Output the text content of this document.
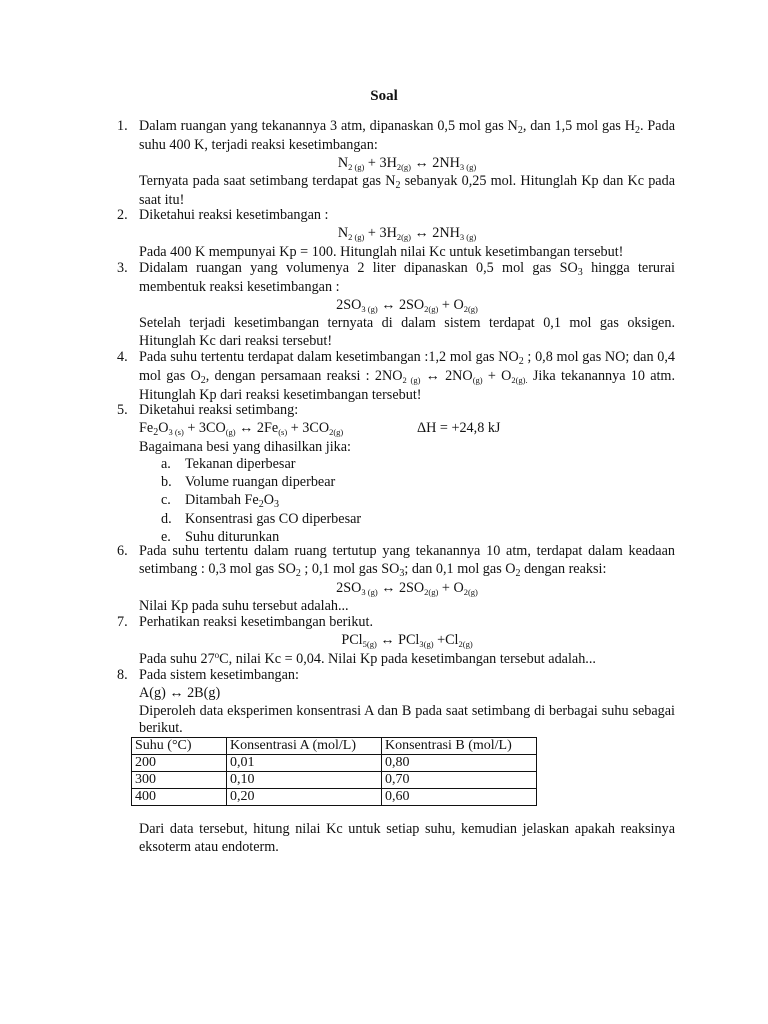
Soal
1. Dalam ruangan yang tekanannya 3 atm, dipanaskan 0,5 mol gas $N_2$, dan 1,5 mol gas $H_2$. Pada
suhu 400 K, terjadi reaksi kesetimbangan:
$N_{2 (g)} + 3H_{2(g)}$ ↔ $2NH_{3 (g)}$
Ternyata pada saat setimbang terdapat gas $N_2$ sebanyak 0,25 mol. Hitunglah Kp dan Kc pada
saat itu!
2. Diketahui reaksi kesetimbangan :
$N_{2 (g)} + 3H_{2(g)}$ ↔ $2NH_{3 (g)}$
Pada 400 K mempunyai Kp = 100. Hitunglah nilai Kc untuk kesetimbangan tersebut!
3. Didalam ruangan yang volumenya 2 liter dipanaskan 0,5 mol gas $SO_3$ hingga terurai
membentuk reaksi kesetimbangan :
$2SO_{3 (g)}$ ↔ $2SO_{2(g)} + O_{2(g)}$
Setelah terjadi kesetimbangan ternyata di dalam sistem terdapat 0,1 mol gas oksigen.
Hitunglah Kc dari reaksi tersebut!
4. Pada suhu tertentu terdapat dalam kesetimbangan :1,2 mol gas $NO_2$ ; 0,8 mol gas NO; dan 0,4
mol gas $O_2$, dengan persamaan reaksi : $2NO_{2 (g)}$ ↔ $2NO_{(g)} + O_{2(g).}$ Jika tekanannya 10 atm.
Hitunglah Kp dari reaksi kesetimbangan tersebut!
5. Diketahui reaksi setimbang:
$Fe_2O_{3 (s)} + 3CO_{(g)}$ ↔ $2Fe_{(s)} + 3CO_{2(g)}$	ΔH = +24,8 kJ
Bagaimana besi yang dihasilkan jika:
a. Tekanan diperbesar
b. Volume ruangan diperbear
c. Ditambah $Fe_2O_3$
d. Konsentrasi gas CO diperbesar
e. Suhu diturunkan
6. Pada suhu tertentu dalam ruang tertutup yang tekanannya 10 atm, terdapat dalam keadaan
setimbang : 0,3 mol gas $SO_2$ ; 0,1 mol gas $SO_3$; dan 0,1 mol gas $O_2$ dengan reaksi:
$2SO_{3 (g)}$ ↔ $2SO_{2(g)} + O_{2(g)}$
Nilai Kp pada suhu tersebut adalah...
7. Perhatikan reaksi kesetimbangan berikut.
PCl$_{5(g)}$ ↔ $PCl_{3(g)} +Cl_{2(g)}$
Pada suhu 27$^o$C, nilai Kc = 0,04. Nilai Kp pada kesetimbangan tersebut adalah...
8. Pada sistem kesetimbangan:
A(g) ↔ 2B(g)
Diperoleh data eksperimen konsentrasi A dan B pada saat setimbang di berbagai suhu sebagai
berikut.
Suhu (°C)	Konsentrasi A (mol/L)	Konsentrasi B (mol/L)
200	0,01	0,80
300	0,10	0,70
400	0,20	0,60
Dari data tersebut, hitung nilai Kc untuk setiap suhu, kemudian jelaskan apakah reaksinya
eksoterm atau endoterm.
